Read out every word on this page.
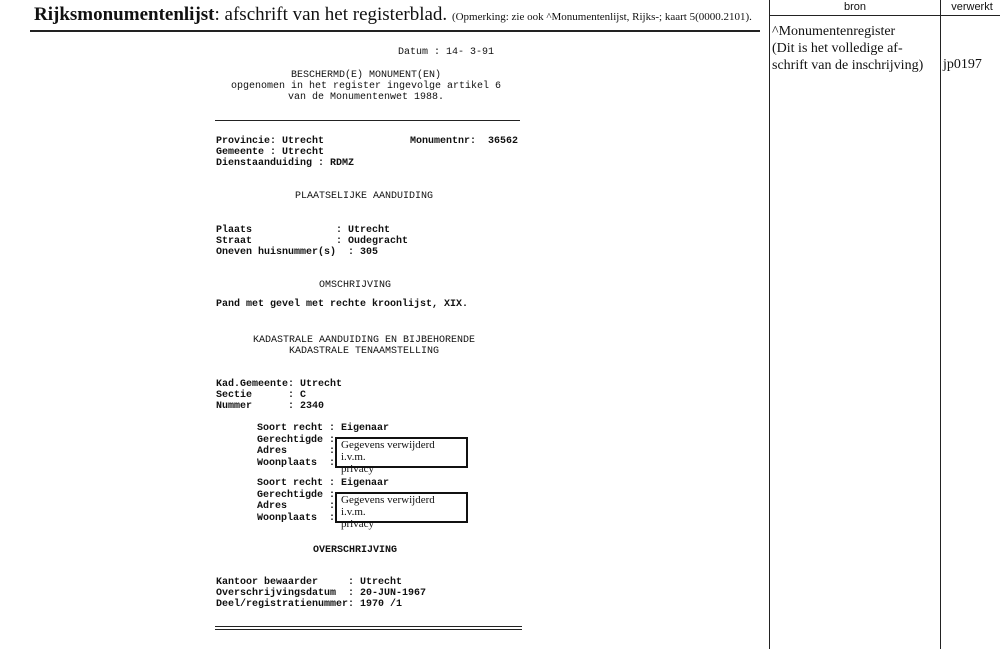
Rijksmonumentenlijst: afschrift van het registerblad. (Opmerking: zie ook ^Monumentenlijst, Rijks-; kaart 5(0000.2101).
bron	verwerkt
^Monumentenregister
(Dit is het volledige af-
schrift van de inschrijving) jp0197
Datum : 14- 3-91
BESCHERMD(E) MONUMENT(EN)
opgenomen in het register ingevolge artikel 6
van de Monumentenwet 1988.
Provincie: Utrecht
Gemeente : Utrecht
Dienstaanduiding : RDMZ
Monumentnr:  36562
PLAATSELIJKE AANDUIDING
Plaats              : Utrecht
Straat              : Oudegracht
Oneven huisnummer(s)  : 305
OMSCHRIJVING
Pand met gevel met rechte kroonlijst, XIX.
KADASTRALE AANDUIDING EN BIJBEHORENDE
KADASTRALE TENAAMSTELLING
Kad.Gemeente: Utrecht
Sectie      : C
Nummer      : 2340
Soort recht : Eigenaar
Gerechtigde :
Adres       :
Woonplaats  :
Gegevens verwijderd i.v.m.
privacy
Soort recht : Eigenaar
Gerechtigde :
Adres       :
Woonplaats  :
Gegevens verwijderd i.v.m.
privacy
OVERSCHRIJVING
Kantoor bewaarder     : Utrecht
Overschrijvingsdatum  : 20-JUN-1967
Deel/registratienummer: 1970 /1
